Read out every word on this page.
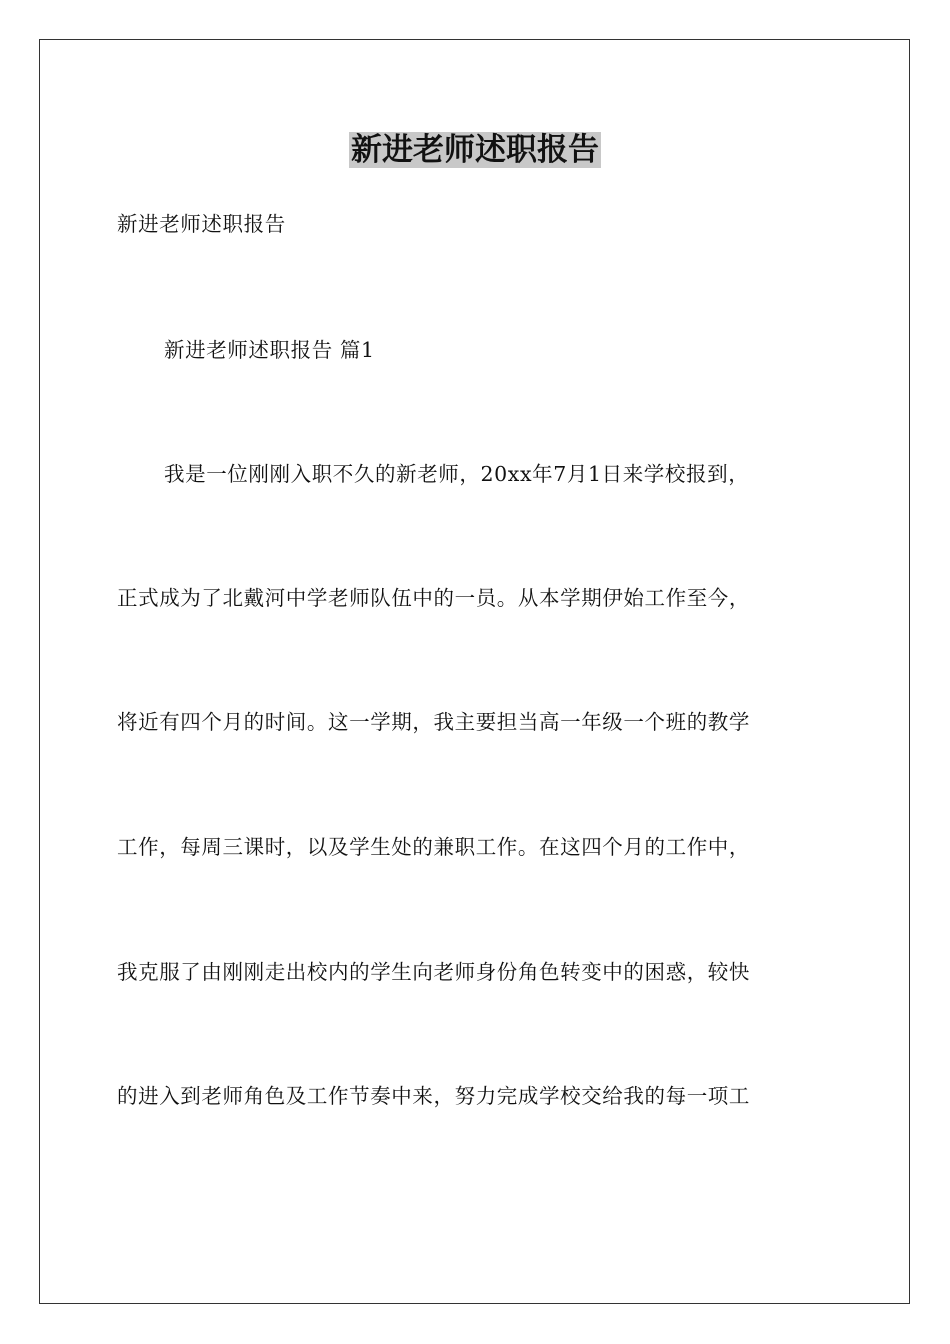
新进老师述职报告
新进老师述职报告
新进老师述职报告 篇1
我是一位刚刚入职不久的新老师，20xx年7月1日来学校报到，
正式成为了北戴河中学老师队伍中的一员。从本学期伊始工作至今，
将近有四个月的时间。这一学期，我主要担当高一年级一个班的教学
工作，每周三课时，以及学生处的兼职工作。在这四个月的工作中，
我克服了由刚刚走出校内的学生向老师身份角色转变中的困惑，较快
的进入到老师角色及工作节奏中来，努力完成学校交给我的每一项工
